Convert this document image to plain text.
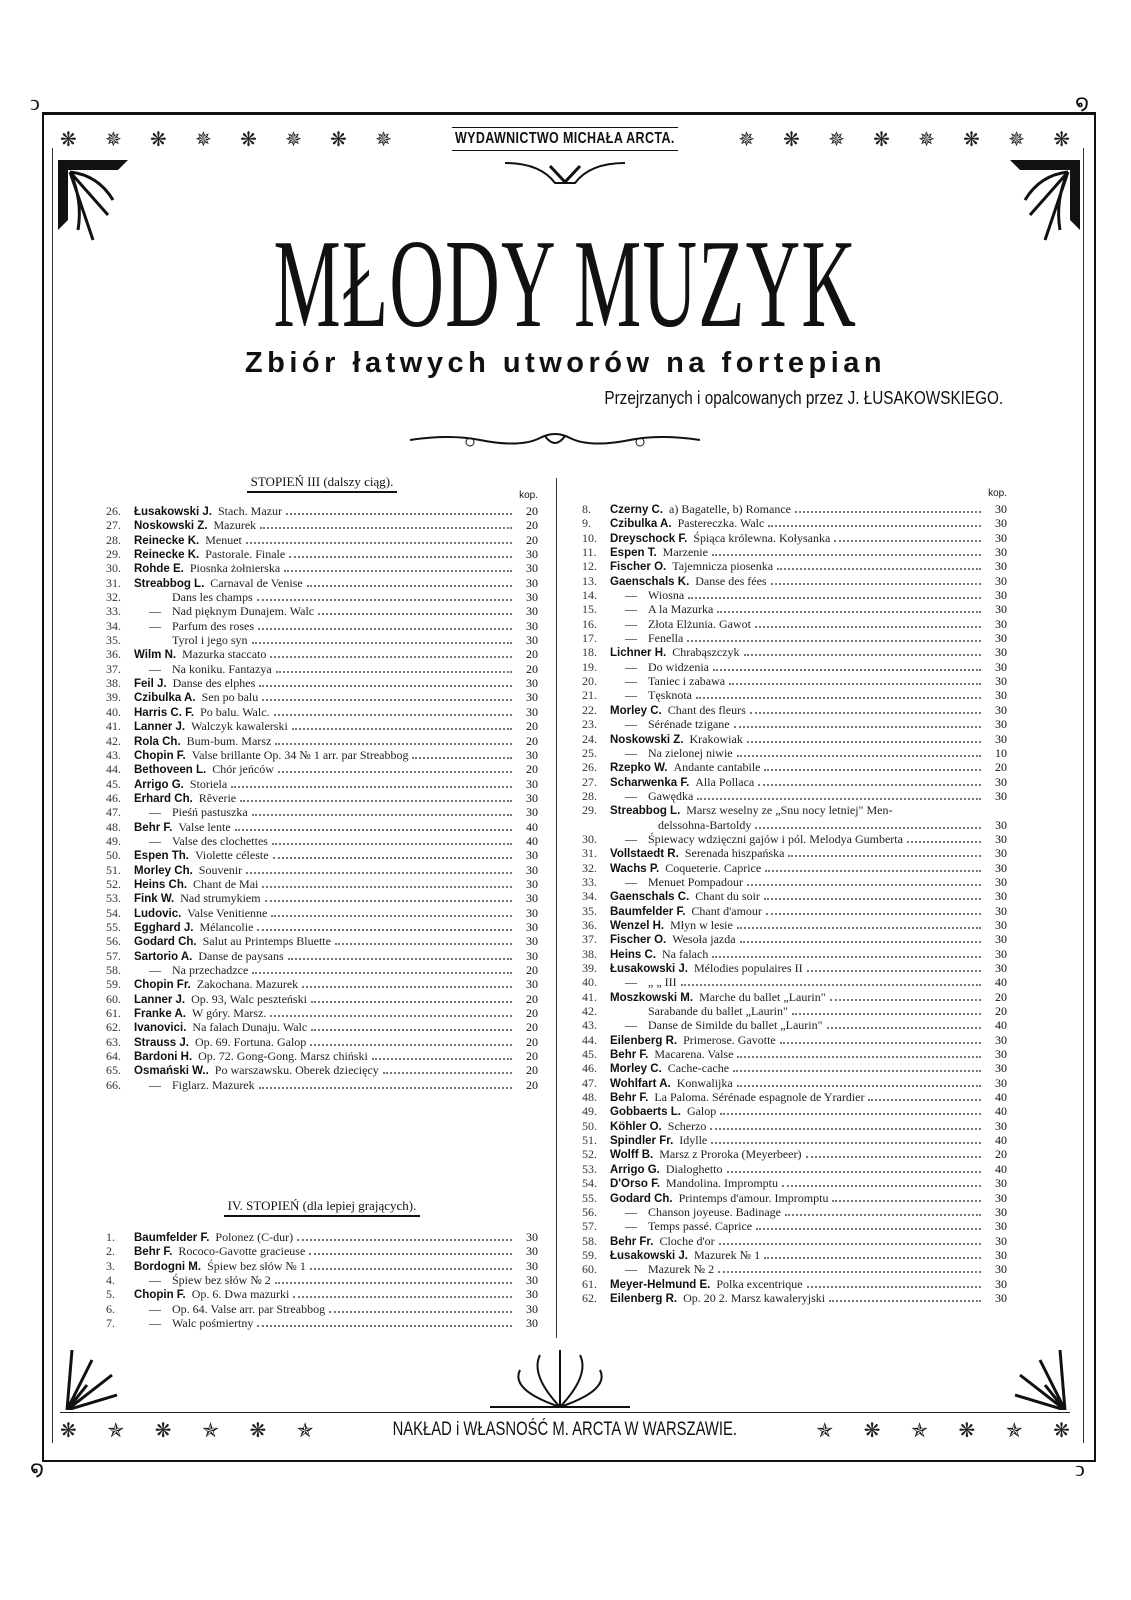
ↄ	໑
໑	ↄ
❋ ✵ ❋ ✵ ❋ ✵ ❋ ✵	WYDAWNICTWO MICHAŁA ARCTA.	✵ ❋ ✵ ❋ ✵ ❋ ✵ ❋
MŁODY MUZYK
Zbiór łatwych utworów na fortepian
Przejrzanych i opalcowanych przez J. ŁUSAKOWSKIEGO.
STOPIEŃ III (dalszy ciąg).
kop.
26.	Łusakowski J. Stach. Mazur	20
27.	Noskowski Z. Mazurek	20
28.	Reinecke K. Menuet	20
29.	Reinecke K. Pastorale. Finale	30
30.	Rohde E. Piosnka żołnierska	30
31.	Streabbog L. Carnaval de Venise	30
32.	Dans les champs	30
33.	— Nad pięknym Dunajem. Walc	30
34.	— Parfum des roses	30
35.	Tyrol i jego syn	30
36.	Wilm N. Mazurka staccato	20
37.	— Na koniku. Fantazya	20
38.	Feil J. Danse des elphes	30
39.	Czibulka A. Sen po balu	30
40.	Harris C. F. Po balu. Walc.	30
41.	Lanner J. Walczyk kawalerski	20
42.	Rola Ch. Bum-bum. Marsz	20
43.	Chopin F. Valse brillante Op. 34 № 1 arr. par Streabbog	30
44.	Bethoveen L. Chór jeńców	20
45.	Arrigo G. Storiela	30
46.	Erhard Ch. Rêverie	30
47.	— Pieśń pastuszka	30
48.	Behr F. Valse lente	40
49.	— Valse des clochettes	40
50.	Espen Th. Violette céleste	30
51.	Morley Ch. Souvenir	30
52.	Heins Ch. Chant de Mai	30
53.	Fink W. Nad strumykiem	30
54.	Ludovic. Valse Venitienne	30
55.	Egghard J. Mélancolie	30
56.	Godard Ch. Salut au Printemps Bluette	30
57.	Sartorio A. Danse de paysans	30
58.	— Na przechadzce	20
59.	Chopin Fr. Zakochana. Mazurek	30
60.	Lanner J. Op. 93, Walc peszteński	20
61.	Franke A. W góry. Marsz.	20
62.	Ivanovici. Na falach Dunaju. Walc	20
63.	Strauss J. Op. 69. Fortuna. Galop	20
64.	Bardoni H. Op. 72. Gong-Gong. Marsz chiński	20
65.	Osmański W.. Po warszawsku. Oberek dziecięcy	20
66.	— Figlarz. Mazurek	20
IV. STOPIEŃ (dla lepiej grających).
1.	Baumfelder F. Polonez (C-dur)	30
2.	Behr F. Rococo-Gavotte gracieuse	30
3.	Bordogni M. Śpiew bez słów № 1	30
4.	— Śpiew bez słów № 2	30
5.	Chopin F. Op. 6. Dwa mazurki	30
6.	— Op. 64. Valse arr. par Streabbog	30
7.	— Walc pośmiertny	30
kop.
8.	Czerny C. a) Bagatelle, b) Romance	30
9.	Czibulka A. Pastereczka. Walc	30
10.	Dreyschock F. Śpiąca królewna. Kołysanka	30
11.	Espen T. Marzenie	30
12.	Fischer O. Tajemnicza piosenka	30
13.	Gaenschals K. Danse des fées	30
14.	— Wiosna	30
15.	— A la Mazurka	30
16.	— Złota Elżunia. Gawot	30
17.	— Fenella	30
18.	Lichner H. Chrabąszczyk	30
19.	— Do widzenia	30
20.	— Taniec i zabawa	30
21.	— Tęsknota	30
22.	Morley C. Chant des fleurs	30
23.	— Sérénade tzigane	30
24.	Noskowski Z. Krakowiak	30
25.	— Na zielonej niwie	10
26.	Rzepko W. Andante cantabile	20
27.	Scharwenka F. Alla Pollaca	30
28.	— Gawędka	30
29.	Streabbog L. Marsz weselny ze „Snu nocy letniej" Men-
delssohna-Bartoldy	30
30.	— Śpiewacy wdzięczni gajów i pól. Melodya Gumberta	30
31.	Vollstaedt R. Serenada hiszpańska	30
32.	Wachs P. Coqueterie. Caprice	30
33.	— Menuet Pompadour	30
34.	Gaenschals C. Chant du soir	30
35.	Baumfelder F. Chant d'amour	30
36.	Wenzel H. Młyn w lesie	30
37.	Fischer O. Wesoła jazda	30
38.	Heins C. Na falach	30
39.	Łusakowski J. Mélodies populaires II	30
40.	— „ „ III	40
41.	Moszkowski M. Marche du ballet „Laurin"	20
42.	Sarabande du ballet „Laurin"	20
43.	— Danse de Similde du ballet „Laurin"	40
44.	Eilenberg R. Primerose. Gavotte	30
45.	Behr F. Macarena. Valse	30
46.	Morley C. Cache-cache	30
47.	Wohlfart A. Konwalijka	30
48.	Behr F. La Paloma. Sérénade espagnole de Yrardier	40
49.	Gobbaerts L. Galop	40
50.	Köhler O. Scherzo	30
51.	Spindler Fr. Idylle	40
52.	Wolff B. Marsz z Proroka (Meyerbeer)	20
53.	Arrigo G. Dialoghetto	40
54.	D'Orso F. Mandolina. Impromptu	30
55.	Godard Ch. Printemps d'amour. Impromptu	30
56.	— Chanson joyeuse. Badinage	30
57.	— Temps passé. Caprice	30
58.	Behr Fr. Cloche d'or	30
59.	Łusakowski J. Mazurek № 1	30
60.	— Mazurek № 2	30
61.	Meyer-Helmund E. Polka excentrique	30
62.	Eilenberg R. Op. 20 2. Marsz kawaleryjski	30
❋ ✯ ❋ ✯ ❋ ✯	NAKŁAD i WŁASNOŚĆ M. ARCTA W WARSZAWIE.	✯ ❋ ✯ ❋ ✯ ❋
